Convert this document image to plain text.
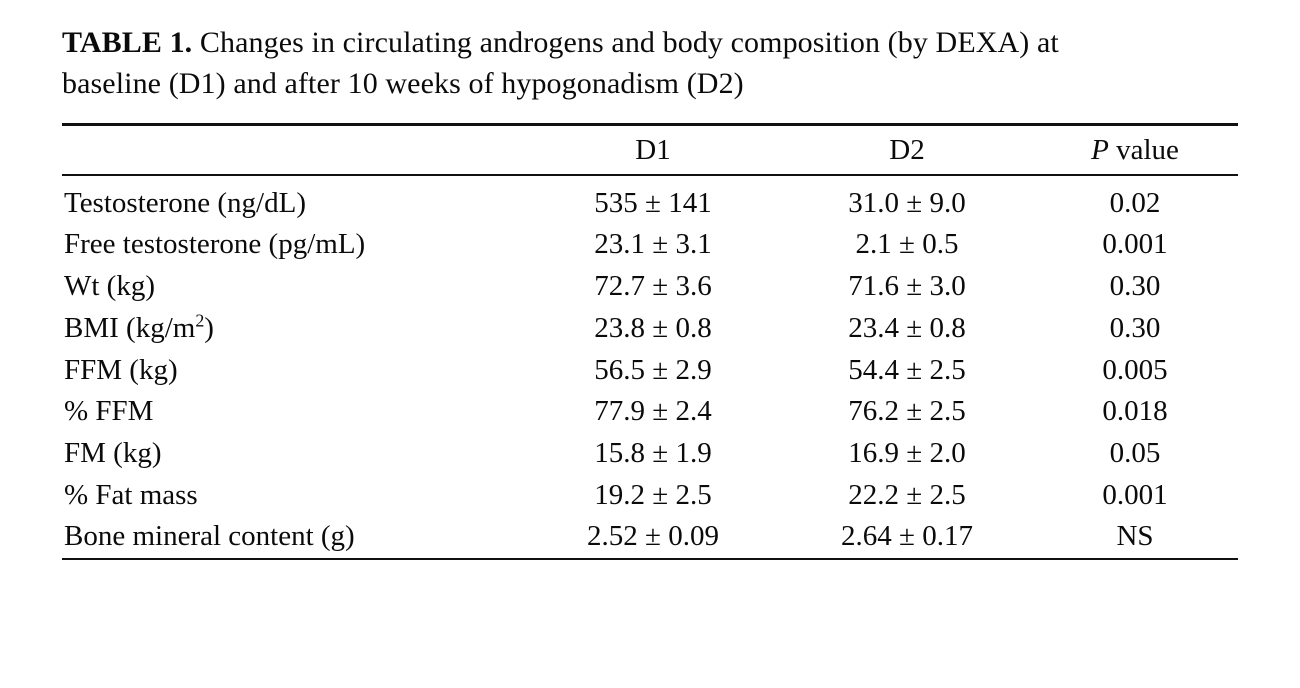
TABLE 1. Changes in circulating androgens and body composition (by DEXA) at baseline (D1) and after 10 weeks of hypogonadism (D2)

	D1	D2	P value
Testosterone (ng/dL)	535 ± 141	31.0 ± 9.0	0.02
Free testosterone (pg/mL)	23.1 ± 3.1	2.1 ± 0.5	0.001
Wt (kg)	72.7 ± 3.6	71.6 ± 3.0	0.30
BMI $(kg/m^2)$	23.8 ± 0.8	23.4 ± 0.8	0.30
FFM (kg)	56.5 ± 2.9	54.4 ± 2.5	0.005
% FFM	77.9 ± 2.4	76.2 ± 2.5	0.018
FM (kg)	15.8 ± 1.9	16.9 ± 2.0	0.05
% Fat mass	19.2 ± 2.5	22.2 ± 2.5	0.001
Bone mineral content (g)	2.52 ± 0.09	2.64 ± 0.17	NS
